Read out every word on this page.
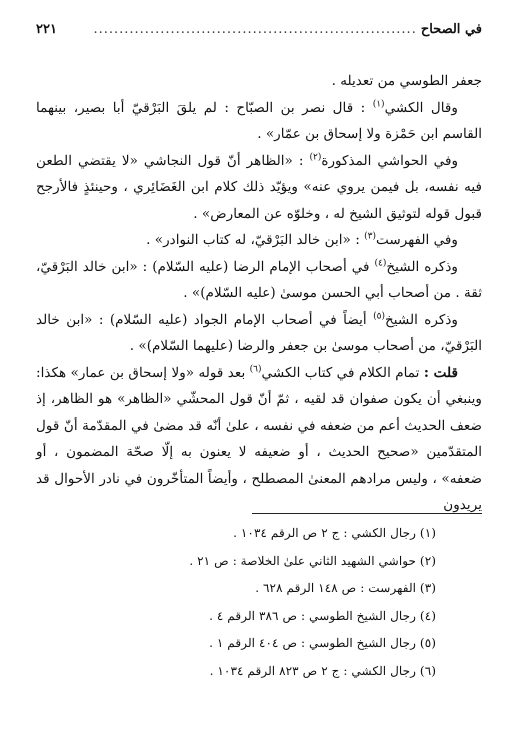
في الصحاح
...............................................................
٢٢١

جعفر الطوسي من تعديله .

وقال الكشي$^{(١)}$ : قال نصر بن الصبّاح : لم يلقَ البَرْقيّ أبا بصير، بينهما القاسم ابن حَمْزة ولا إسحاق بن عمّار» .

وفي الحواشي المذكورة$^{(٢)}$ : «الظاهر أنّ قول النجاشي «لا يقتضي الطعن فيه نفسه، بل فيمن يروي عنه» ويؤيّد ذلك كلام ابن الغَضَائِري ، وحينئذٍ فالأرجح قبول قوله لتوثيق الشيخ له ، وخلوّه عن المعارض» .

وفي الفهرست$^{(٣)}$ : «ابن خالد البَرْقيّ، له كتاب النوادر» .

وذكره الشيخ$^{(٤)}$ في أصحاب الإمام الرضا (عليه السّلام) : «ابن خالد البَرْقيّ، ثقة . من أصحاب أبي الحسن موسىٰ (عليه السّلام)» .

وذكره الشيخ$^{(٥)}$ أيضاً في أصحاب الإمام الجواد (عليه السّلام) : «ابن خالد البَرْقيّ، من أصحاب موسىٰ بن جعفر والرضا (عليهما السّلام)» .

قلت : تمام الكلام في كتاب الكشي$^{(٦)}$ بعد قوله «ولا إسحاق بن عمار» هكذا: وينبغي أن يكون صفوان قد لقيه ، ثمّ أنّ قول المحشّي «الظاهر» هو الظاهر، إذ ضعف الحديث أعم من ضعفه في نفسه ، علىٰ أنّه قد مضىٰ في المقدّمة أنّ قول المتقدّمين «صحيح الحديث ، أو ضعيفه لا يعنون به إلّا صحّة المضمون ، أو ضعفه» ، وليس مرادهم المعنىٰ المصطلح ، وأيضاً المتأخّرون في نادر الأحوال قد يريدون

(١) رجال الكشي : ج ٢ ص الرقم ١٠٣٤ .
(٢) حواشي الشهيد الثاني علىٰ الخلاصة : ص ٢١ .
(٣) الفهرست : ص ١٤٨ الرقم ٦٢٨ .
(٤) رجال الشيخ الطوسي : ص ٣٨٦ الرقم ٤ .
(٥) رجال الشيخ الطوسي : ص ٤٠٤ الرقم ١ .
(٦) رجال الكشي : ج ٢ ص ٨٢٣ الرقم ١٠٣٤ .
